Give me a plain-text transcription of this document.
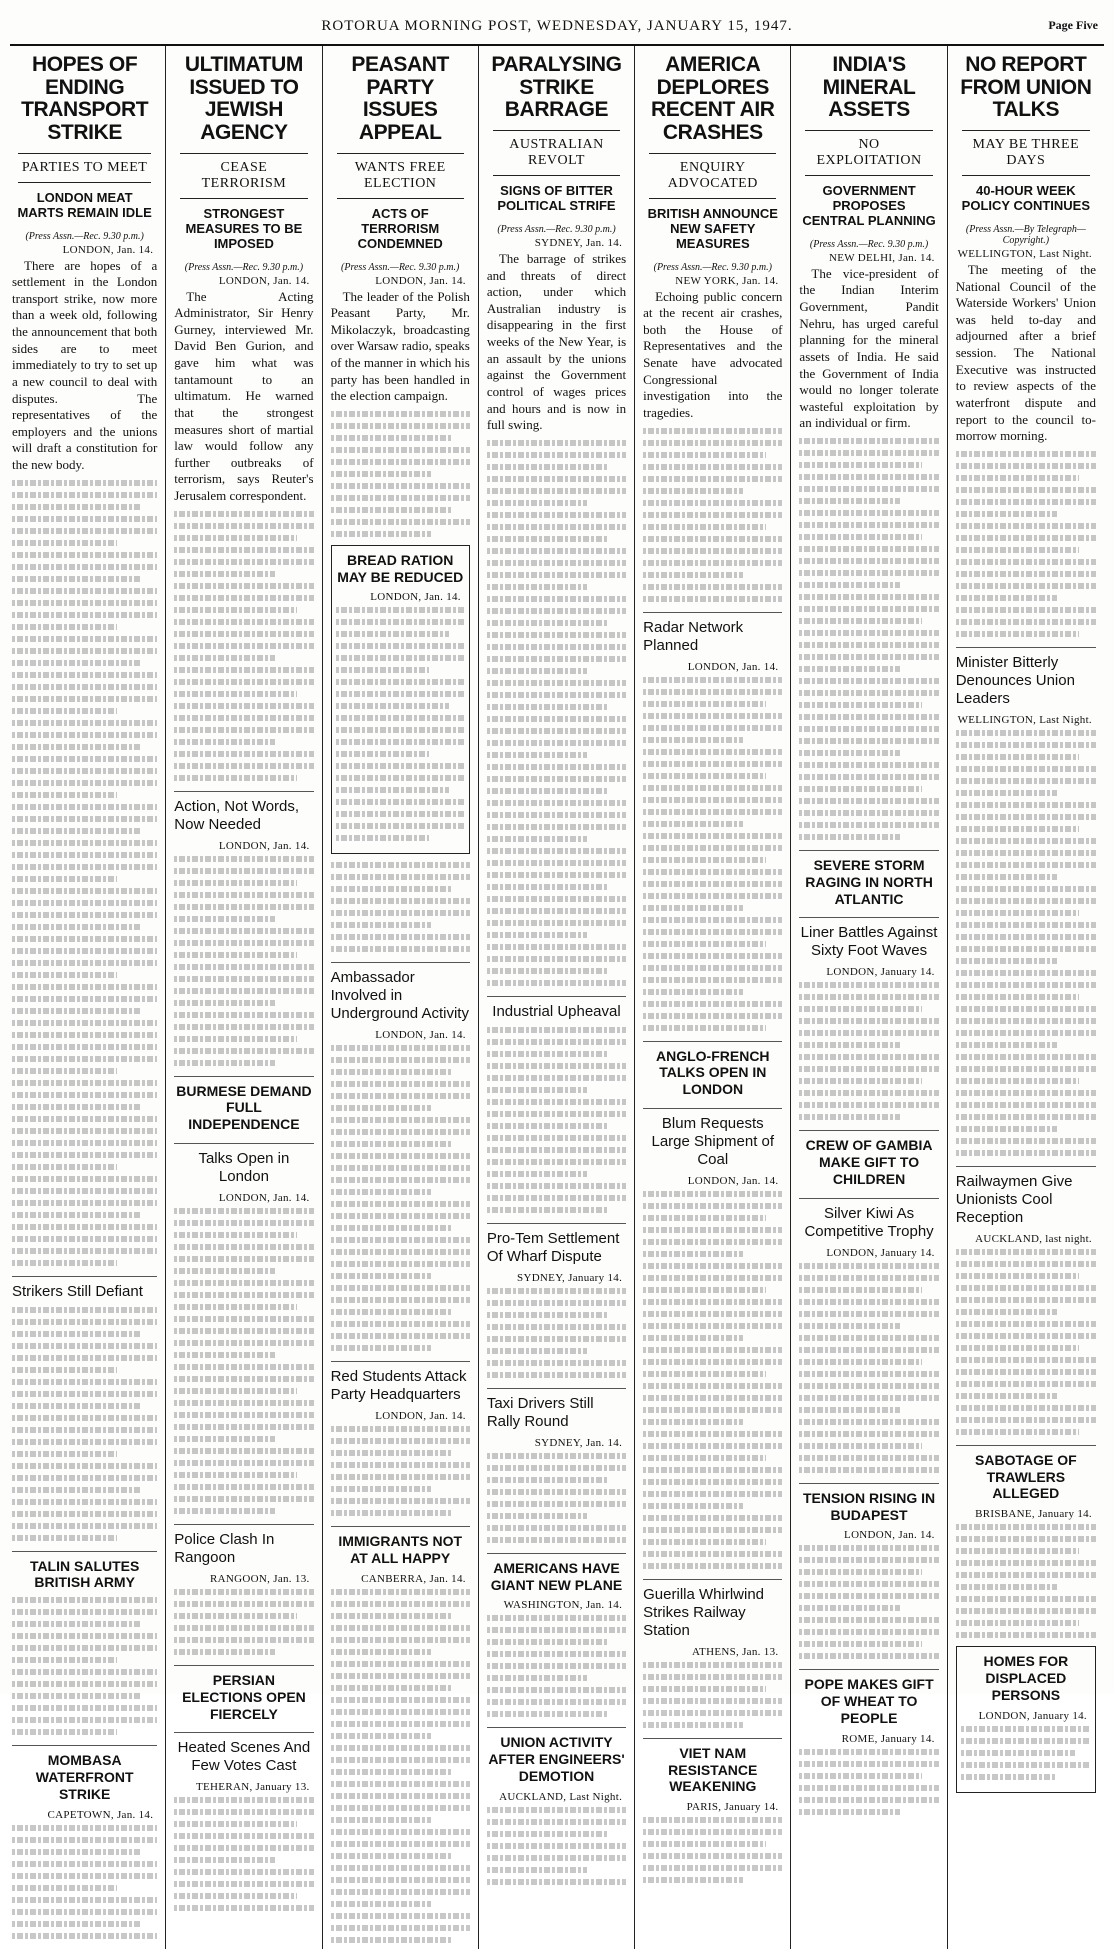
ROTORUA MORNING POST, WEDNESDAY, JANUARY 15, 1947.	Page Five
HOPES OF ENDING TRANSPORT STRIKE
PARTIES TO MEET
LONDON MEAT MARTS REMAIN IDLE
(Press Assn.—Rec. 9.30 p.m.)
LONDON, Jan. 14.

There are hopes of a settlement in the London transport strike, now more than a week old, following the announcement that both sides are to meet immediately to try to set up a new council to deal with disputes. The representatives of the employers and the unions will draft a constitution for the new body.

Strikers Still Defiant
TALIN SALUTES BRITISH ARMY
MOMBASA WATERFRONT STRIKE
CAPETOWN, Jan. 14.
ULTIMATUM ISSUED TO JEWISH AGENCY
CEASE TERRORISM
STRONGEST MEASURES TO BE IMPOSED
(Press Assn.—Rec. 9.30 p.m.)
LONDON, Jan. 14.

The Acting Administrator, Sir Henry Gurney, interviewed Mr. David Ben Gurion, and gave him what was tantamount to an ultimatum. He warned that the strongest measures short of martial law would follow any further outbreaks of terrorism, says Reuter's Jerusalem correspondent.

Action, Not Words, Now Needed
LONDON, Jan. 14.
BURMESE DEMAND FULL INDEPENDENCE
Talks Open in London
LONDON, Jan. 14.
Police Clash In Rangoon
RANGOON, Jan. 13.
PERSIAN ELECTIONS OPEN FIERCELY
Heated Scenes And Few Votes Cast
TEHERAN, January 13.
PEASANT PARTY ISSUES APPEAL
WANTS FREE ELECTION
ACTS OF TERRORISM CONDEMNED
(Press Assn.—Rec. 9.30 p.m.)
LONDON, Jan. 14.

The leader of the Polish Peasant Party, Mr. Mikolaczyk, broadcasting over Warsaw radio, speaks of the manner in which his party has been handled in the election campaign.

BREAD RATION MAY BE REDUCED
LONDON, Jan. 14.
Ambassador Involved in Underground Activity
LONDON, Jan. 14.
Red Students Attack Party Headquarters
LONDON, Jan. 14.
IMMIGRANTS NOT AT ALL HAPPY
CANBERRA, Jan. 14.
PARALYSING STRIKE BARRAGE
AUSTRALIAN REVOLT
SIGNS OF BITTER POLITICAL STRIFE
(Press Assn.—Rec. 9.30 p.m.)
SYDNEY, Jan. 14.

The barrage of strikes and threats of direct action, under which Australian industry is disappearing in the first weeks of the New Year, is an assault by the unions against the Government control of wages prices and hours and is now in full swing.

Industrial Upheaval
Pro-Tem Settlement Of Wharf Dispute
SYDNEY, January 14.
Taxi Drivers Still Rally Round
SYDNEY, Jan. 14.
AMERICANS HAVE GIANT NEW PLANE
WASHINGTON, Jan. 14.
UNION ACTIVITY AFTER ENGINEERS' DEMOTION
AUCKLAND, Last Night.
AMERICA DEPLORES RECENT AIR CRASHES
ENQUIRY ADVOCATED
BRITISH ANNOUNCE NEW SAFETY MEASURES
(Press Assn.—Rec. 9.30 p.m.)
NEW YORK, Jan. 14.

Echoing public concern at the recent air crashes, both the House of Representatives and the Senate have advocated Congressional investigation into the tragedies.

Radar Network Planned
LONDON, Jan. 14.
ANGLO-FRENCH TALKS OPEN IN LONDON
Blum Requests Large Shipment of Coal
LONDON, Jan. 14.
Guerilla Whirlwind Strikes Railway Station
ATHENS, Jan. 13.
VIET NAM RESISTANCE WEAKENING
PARIS, January 14.
INDIA'S MINERAL ASSETS
NO EXPLOITATION
GOVERNMENT PROPOSES CENTRAL PLANNING
(Press Assn.—Rec. 9.30 p.m.)
NEW DELHI, Jan. 14.

The vice-president of the Indian Interim Government, Pandit Nehru, has urged careful planning for the mineral assets of India. He said the Government of India would no longer tolerate wasteful exploitation by an individual or firm.

SEVERE STORM RAGING IN NORTH ATLANTIC
Liner Battles Against Sixty Foot Waves
LONDON, January 14.
CREW OF GAMBIA MAKE GIFT TO CHILDREN
Silver Kiwi As Competitive Trophy
LONDON, January 14.
TENSION RISING IN BUDAPEST
LONDON, Jan. 14.
POPE MAKES GIFT OF WHEAT TO PEOPLE
ROME, January 14.
NO REPORT FROM UNION TALKS
MAY BE THREE DAYS
40-HOUR WEEK POLICY CONTINUES
(Press Assn.—By Telegraph—Copyright.)
WELLINGTON, Last Night.

The meeting of the National Council of the Waterside Workers' Union was held to-day and adjourned after a brief session. The National Executive was instructed to review aspects of the waterfront dispute and report to the council to-morrow morning.

Minister Bitterly Denounces Union Leaders
WELLINGTON, Last Night.
Railwaymen Give Unionists Cool Reception
AUCKLAND, last night.
SABOTAGE OF TRAWLERS ALLEGED
BRISBANE, January 14.
HOMES FOR DISPLACED PERSONS
LONDON, January 14.
